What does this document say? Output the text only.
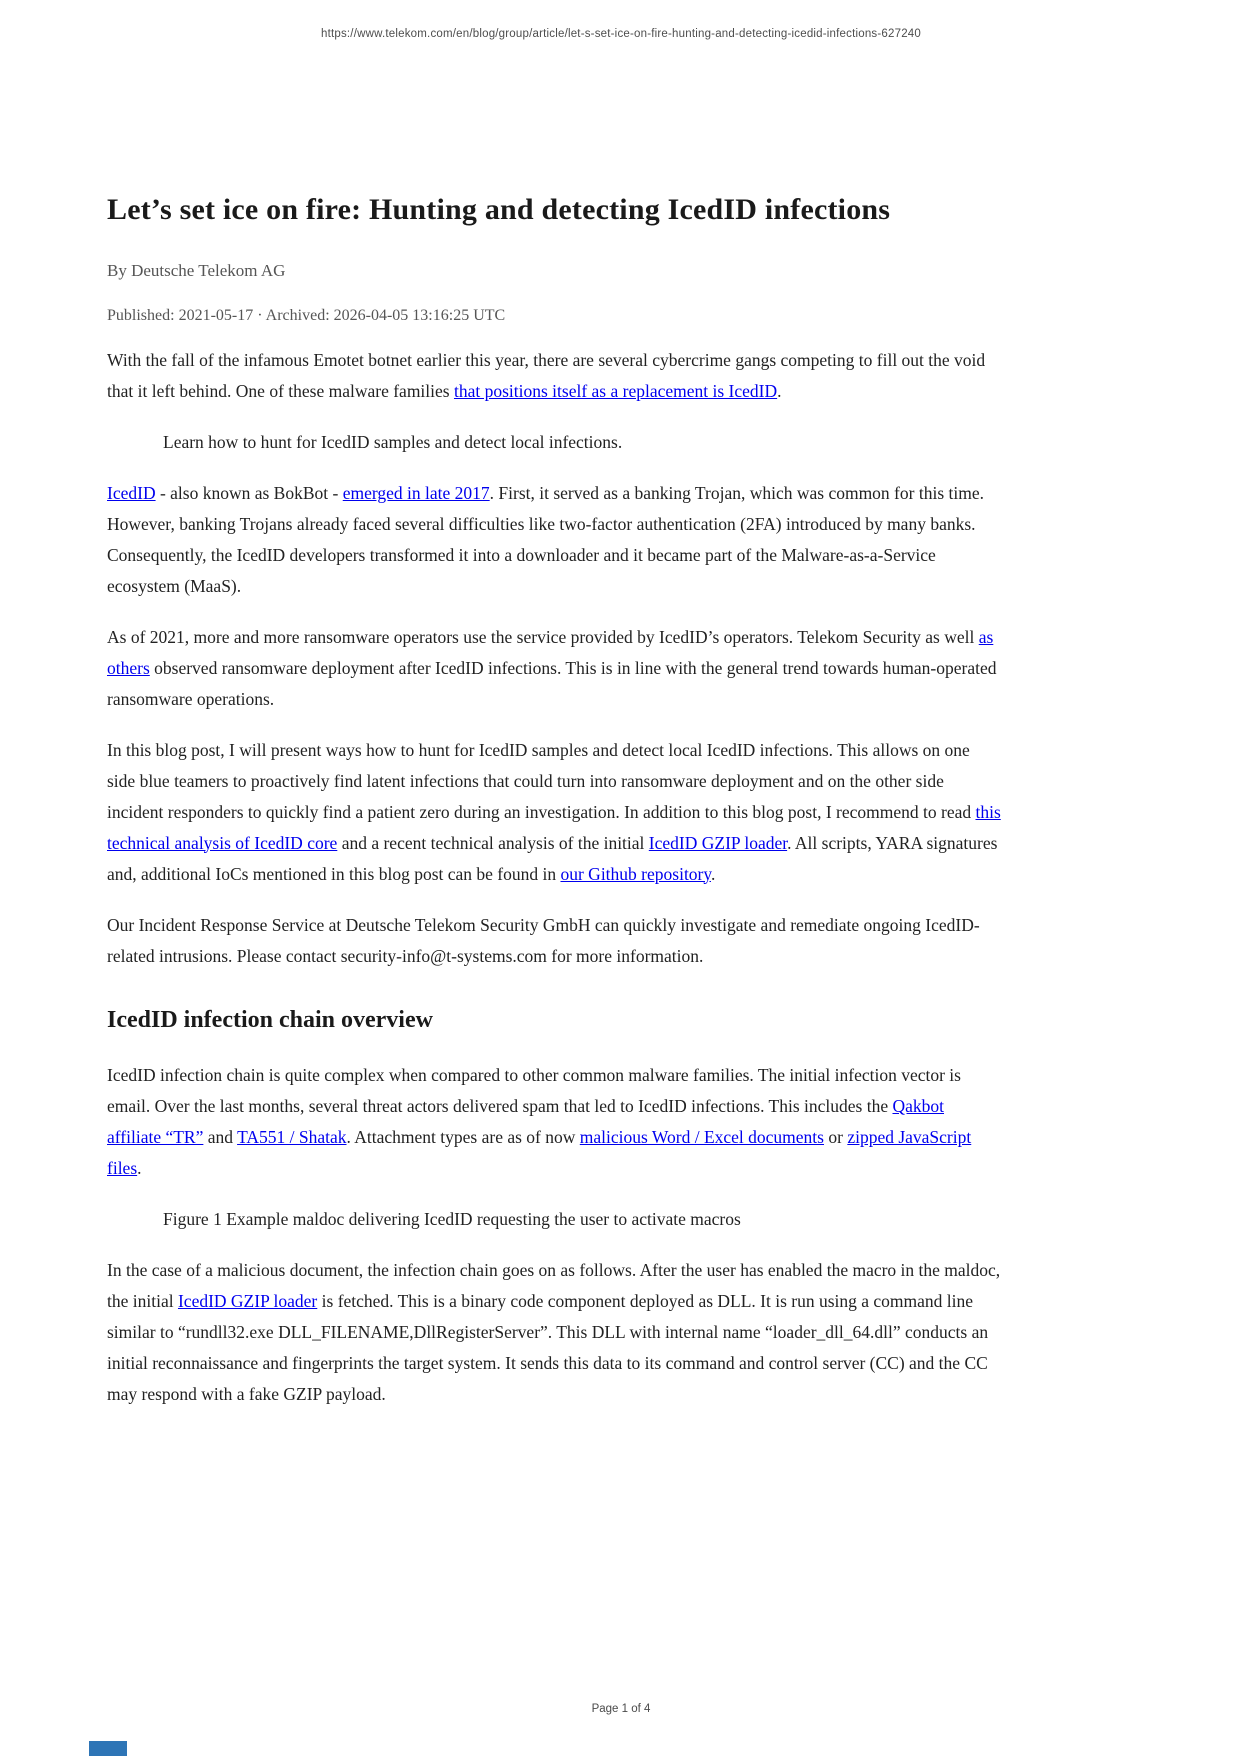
https://www.telekom.com/en/blog/group/article/let-s-set-ice-on-fire-hunting-and-detecting-icedid-infections-627240
Let’s set ice on fire: Hunting and detecting IcedID infections
By Deutsche Telekom AG
Published: 2021-05-17 · Archived: 2026-04-05 13:16:25 UTC

With the fall of the infamous Emotet botnet earlier this year, there are several cybercrime gangs competing to fill out the void that it left behind. One of these malware families that positions itself as a replacement is IcedID.

Learn how to hunt for IcedID samples and detect local infections.

IcedID - also known as BokBot - emerged in late 2017. First, it served as a banking Trojan, which was common for this time. However, banking Trojans already faced several difficulties like two-factor authentication (2FA) introduced by many banks. Consequently, the IcedID developers transformed it into a downloader and it became part of the Malware-as-a-Service ecosystem (MaaS).

As of 2021, more and more ransomware operators use the service provided by IcedID’s operators. Telekom Security as well as others observed ransomware deployment after IcedID infections. This is in line with the general trend towards human-operated ransomware operations.

In this blog post, I will present ways how to hunt for IcedID samples and detect local IcedID infections. This allows on one side blue teamers to proactively find latent infections that could turn into ransomware deployment and on the other side incident responders to quickly find a patient zero during an investigation. In addition to this blog post, I recommend to read this technical analysis of IcedID core and a recent technical analysis of the initial IcedID GZIP loader. All scripts, YARA signatures and, additional IoCs mentioned in this blog post can be found in our Github repository.

Our Incident Response Service at Deutsche Telekom Security GmbH can quickly investigate and remediate ongoing IcedID-related intrusions. Please contact security-info@t-systems.com for more information.

IcedID infection chain overview

IcedID infection chain is quite complex when compared to other common malware families. The initial infection vector is email. Over the last months, several threat actors delivered spam that led to IcedID infections. This includes the Qakbot affiliate “TR” and TA551 / Shatak. Attachment types are as of now malicious Word / Excel documents or zipped JavaScript files.

Figure 1 Example maldoc delivering IcedID requesting the user to activate macros

In the case of a malicious document, the infection chain goes on as follows. After the user has enabled the macro in the maldoc, the initial IcedID GZIP loader is fetched. This is a binary code component deployed as DLL. It is run using a command line similar to “rundll32.exe DLL_FILENAME,DllRegisterServer”. This DLL with internal name “loader_dll_64.dll” conducts an initial reconnaissance and fingerprints the target system. It sends this data to its command and control server (CC) and the CC may respond with a fake GZIP payload.

Page 1 of 4
